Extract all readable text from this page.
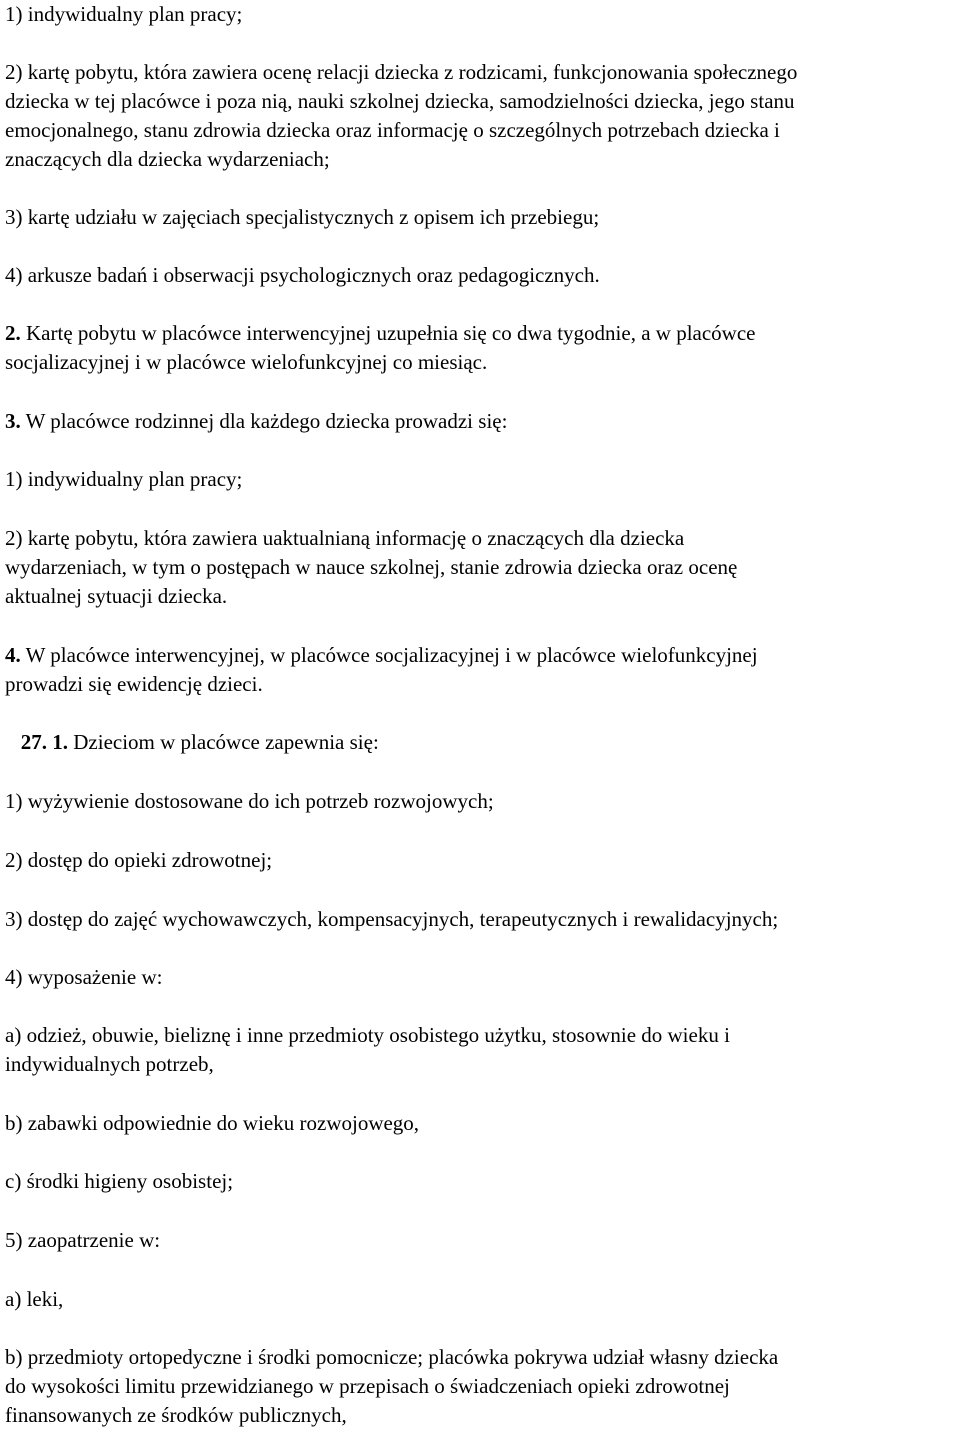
1) indywidualny plan pracy;

2) kartę pobytu, która zawiera ocenę relacji dziecka z rodzicami, funkcjonowania społecznego
dziecka w tej placówce i poza nią, nauki szkolnej dziecka, samodzielności dziecka, jego stanu
emocjonalnego, stanu zdrowia dziecka oraz informację o szczególnych potrzebach dziecka i
znaczących dla dziecka wydarzeniach;

3) kartę udziału w zajęciach specjalistycznych z opisem ich przebiegu;

4) arkusze badań i obserwacji psychologicznych oraz pedagogicznych.

2. Kartę pobytu w placówce interwencyjnej uzupełnia się co dwa tygodnie, a w placówce
socjalizacyjnej i w placówce wielofunkcyjnej co miesiąc.

3. W placówce rodzinnej dla każdego dziecka prowadzi się:

1) indywidualny plan pracy;

2) kartę pobytu, która zawiera uaktualnianą informację o znaczących dla dziecka
wydarzeniach, w tym o postępach w nauce szkolnej, stanie zdrowia dziecka oraz ocenę
aktualnej sytuacji dziecka.

4. W placówce interwencyjnej, w placówce socjalizacyjnej i w placówce wielofunkcyjnej
prowadzi się ewidencję dzieci.

27. 1. Dzieciom w placówce zapewnia się:

1) wyżywienie dostosowane do ich potrzeb rozwojowych;

2) dostęp do opieki zdrowotnej;

3) dostęp do zajęć wychowawczych, kompensacyjnych, terapeutycznych i rewalidacyjnych;

4) wyposażenie w:

a) odzież, obuwie, bieliznę i inne przedmioty osobistego użytku, stosownie do wieku i
indywidualnych potrzeb,

b) zabawki odpowiednie do wieku rozwojowego,

c) środki higieny osobistej;

5) zaopatrzenie w:

a) leki,

b) przedmioty ortopedyczne i środki pomocnicze; placówka pokrywa udział własny dziecka
do wysokości limitu przewidzianego w przepisach o świadczeniach opieki zdrowotnej
finansowanych ze środków publicznych,
